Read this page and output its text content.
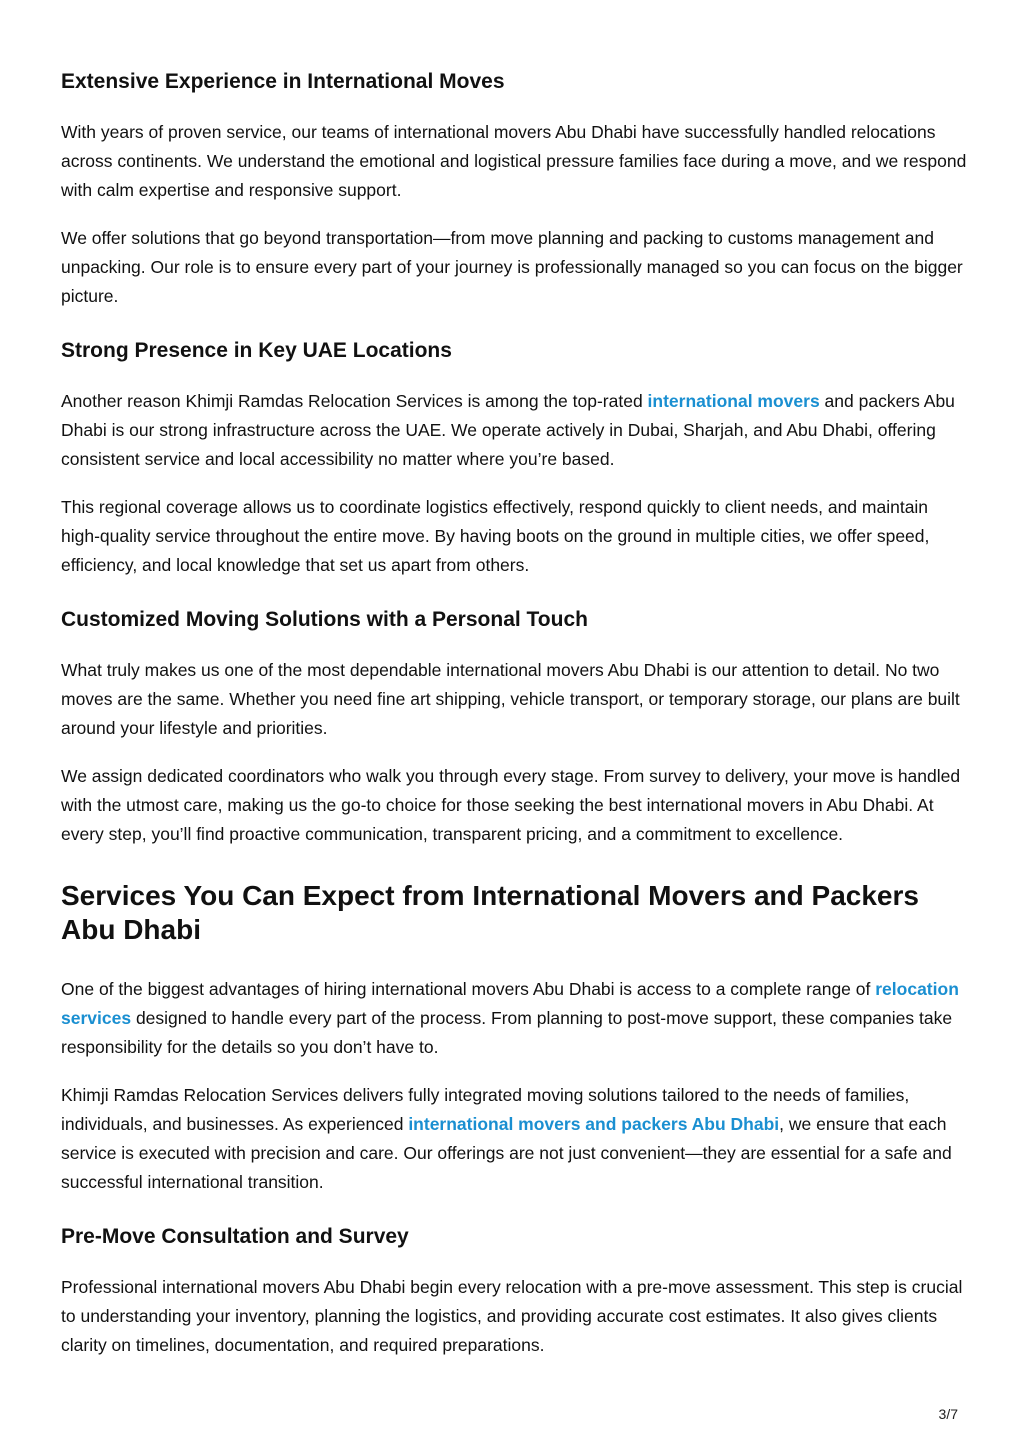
Extensive Experience in International Moves

With years of proven service, our teams of international movers Abu Dhabi have successfully handled relocations across continents. We understand the emotional and logistical pressure families face during a move, and we respond with calm expertise and responsive support.

We offer solutions that go beyond transportation—from move planning and packing to customs management and unpacking. Our role is to ensure every part of your journey is professionally managed so you can focus on the bigger picture.

Strong Presence in Key UAE Locations

Another reason Khimji Ramdas Relocation Services is among the top-rated international movers and packers Abu Dhabi is our strong infrastructure across the UAE. We operate actively in Dubai, Sharjah, and Abu Dhabi, offering consistent service and local accessibility no matter where you’re based.

This regional coverage allows us to coordinate logistics effectively, respond quickly to client needs, and maintain high-quality service throughout the entire move. By having boots on the ground in multiple cities, we offer speed, efficiency, and local knowledge that set us apart from others.

Customized Moving Solutions with a Personal Touch

What truly makes us one of the most dependable international movers Abu Dhabi is our attention to detail. No two moves are the same. Whether you need fine art shipping, vehicle transport, or temporary storage, our plans are built around your lifestyle and priorities.

We assign dedicated coordinators who walk you through every stage. From survey to delivery, your move is handled with the utmost care, making us the go-to choice for those seeking the best international movers in Abu Dhabi. At every step, you’ll find proactive communication, transparent pricing, and a commitment to excellence.

Services You Can Expect from International Movers and Packers Abu Dhabi

One of the biggest advantages of hiring international movers Abu Dhabi is access to a complete range of relocation services designed to handle every part of the process. From planning to post-move support, these companies take responsibility for the details so you don’t have to.

Khimji Ramdas Relocation Services delivers fully integrated moving solutions tailored to the needs of families, individuals, and businesses. As experienced international movers and packers Abu Dhabi, we ensure that each service is executed with precision and care. Our offerings are not just convenient—they are essential for a safe and successful international transition.

Pre-Move Consultation and Survey

Professional international movers Abu Dhabi begin every relocation with a pre-move assessment. This step is crucial to understanding your inventory, planning the logistics, and providing accurate cost estimates. It also gives clients clarity on timelines, documentation, and required preparations.

3/7
